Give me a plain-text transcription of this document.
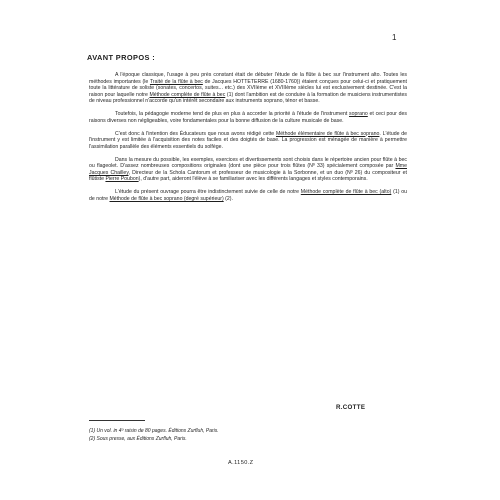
1
AVANT PROPOS :

A l'époque classique, l'usage à peu près constant était de débuter l'étude de la flûte à bec sur l'instrument alto. Toutes les méthodes importantes (le Traité de la flûte à bec de Jacques HOTTETERRE (1680-1760)) étaient conçues pour celui-ci et pratiquement toute la littérature de soliste (sonates, concertos, suites... etc.) des XVIIème et XVIIIème siècles lui est exclusivement destinée. C'est la raison pour laquelle notre Méthode complète de flûte à bec (1) dont l'ambition est de conduire à la formation de musiciens instrumentistes de niveau professionnel n'accorde qu'un intérêt secondaire aux instruments soprano, ténor et basse.

Toutefois, la pédagogie moderne tend de plus en plus à accorder la priorité à l'étude de l'instrument soprano et ceci pour des raisons diverses non négligeables, voire fondamentales pour la bonne diffusion de la culture musicale de base.

C'est donc à l'intention des Éducateurs que nous avons rédigé cette Méthode élémentaire de flûte à bec soprano. L'étude de l'instrument y est limitée à l'acquisition des notes faciles et des doigtés de base. La progression est ménagée de manière à permettre l'assimilation parallèle des éléments essentiels du solfège.

Dans la mesure du possible, les exemples, exercices et divertissements sont choisis dans le répertoire ancien pour flûte à bec ou flageolet. D'assez nombreuses compositions originales (dont une pièce pour trois flûtes (Nº 33) spécialement composée par Mme Jacques Chailley, Directeur de la Schola Cantorum et professeur de musicologie à la Sorbonne, et un duo (Nº 26) du compositeur et flûtiste Pierre Poubon), d'autre part, aideront l'élève à se familiariser avec les différents langages et styles contemporains.

L'étude du présent ouvrage pourra être indistinctement suivie de celle de notre Méthode complète de flûte à bec (alto) (1) ou de notre Méthode de flûte à bec soprano (degré supérieur) (2).

R.COTTE

(1) Un vol. in 4º raisin de 80 pages. Éditions Zurfluh, Paris.

(2) Sous presse, aux Éditions Zurfluh, Paris.

A.1150.Z
